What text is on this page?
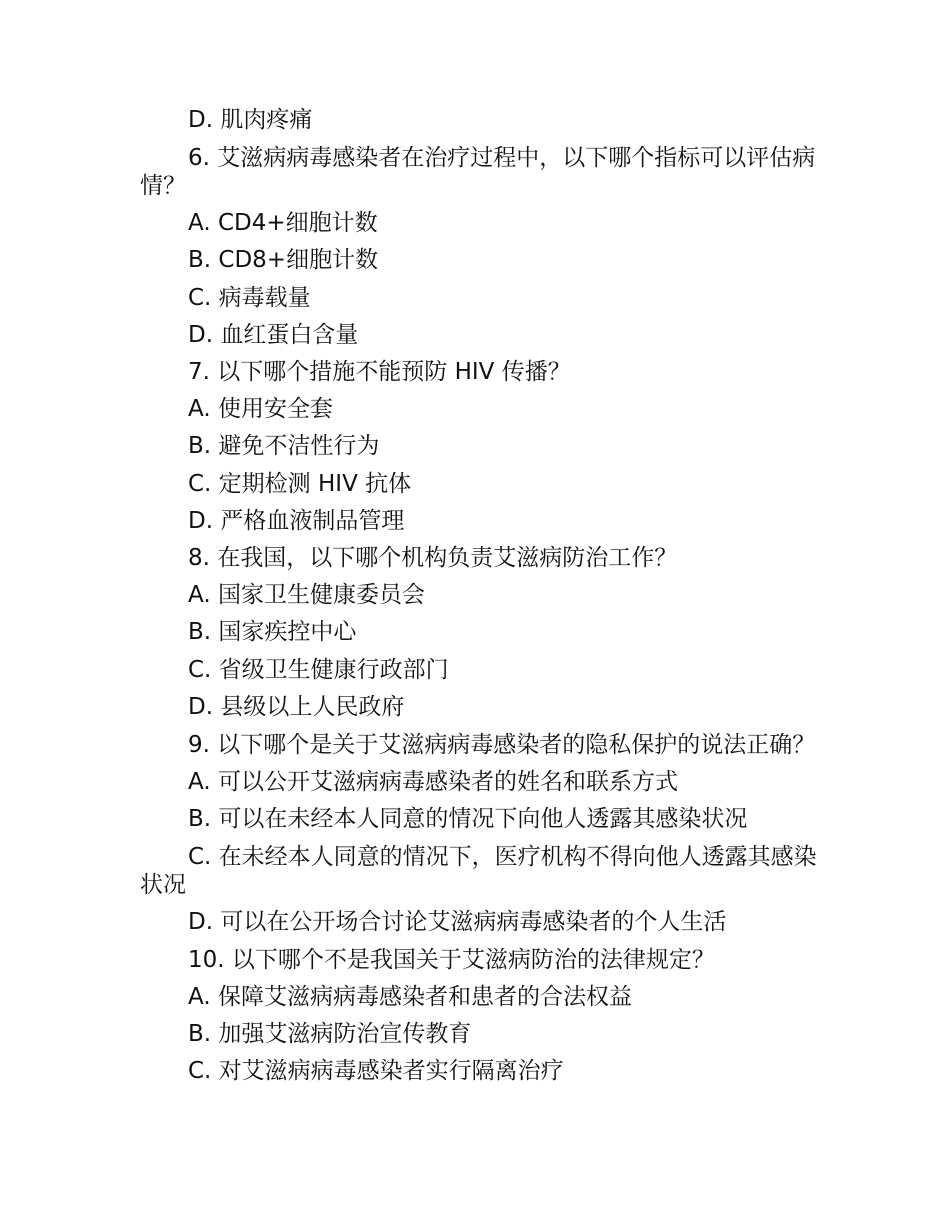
D. 肌肉疼痛

6. 艾滋病病毒感染者在治疗过程中，以下哪个指标可以评估病情？

A. CD4+细胞计数

B. CD8+细胞计数

C. 病毒载量

D. 血红蛋白含量

7. 以下哪个措施不能预防 HIV 传播？

A. 使用安全套

B. 避免不洁性行为

C. 定期检测 HIV 抗体

D. 严格血液制品管理

8. 在我国，以下哪个机构负责艾滋病防治工作？

A. 国家卫生健康委员会

B. 国家疾控中心

C. 省级卫生健康行政部门

D. 县级以上人民政府

9. 以下哪个是关于艾滋病病毒感染者的隐私保护的说法正确？

A. 可以公开艾滋病病毒感染者的姓名和联系方式

B. 可以在未经本人同意的情况下向他人透露其感染状况

C. 在未经本人同意的情况下，医疗机构不得向他人透露其感染状况

D. 可以在公开场合讨论艾滋病病毒感染者的个人生活

10. 以下哪个不是我国关于艾滋病防治的法律规定？

A. 保障艾滋病病毒感染者和患者的合法权益

B. 加强艾滋病防治宣传教育

C. 对艾滋病病毒感染者实行隔离治疗
